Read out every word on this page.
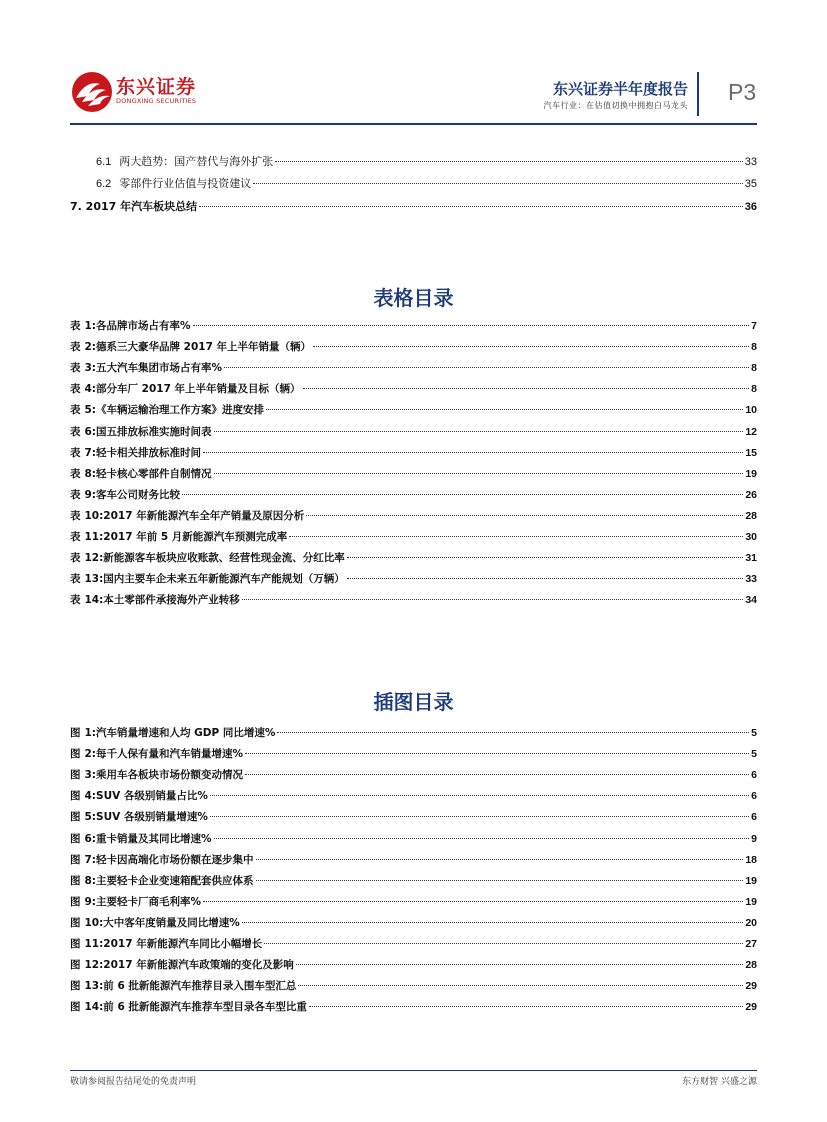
东兴证券
DONGXING SECURITIES
东兴证券半年度报告
汽车行业：在估值切换中拥抱白马龙头
P3
6.1 两大趋势：国产替代与海外扩张	33
6.2 零部件行业估值与投资建议	35
7. 2017 年汽车板块总结	36
表格目录
表 1:各品牌市场占有率%	7
表 2:德系三大豪华品牌 2017 年上半年销量（辆）	8
表 3:五大汽车集团市场占有率%	8
表 4:部分车厂 2017 年上半年销量及目标（辆）	8
表 5:《车辆运输治理工作方案》进度安排	10
表 6:国五排放标准实施时间表	12
表 7:轻卡相关排放标准时间	15
表 8:轻卡核心零部件自制情况	19
表 9:客车公司财务比较	26
表 10:2017 年新能源汽车全年产销量及原因分析	28
表 11:2017 年前 5 月新能源汽车预测完成率	30
表 12:新能源客车板块应收账款、经营性现金流、分红比率	31
表 13:国内主要车企未来五年新能源汽车产能规划（万辆）	33
表 14:本土零部件承接海外产业转移	34
插图目录
图 1:汽车销量增速和人均 GDP 同比增速%	5
图 2:每千人保有量和汽车销量增速%	5
图 3:乘用车各板块市场份额变动情况	6
图 4:SUV 各级别销量占比%	6
图 5:SUV 各级别销量增速%	6
图 6:重卡销量及其同比增速%	9
图 7:轻卡因高端化市场份额在逐步集中	18
图 8:主要轻卡企业变速箱配套供应体系	19
图 9:主要轻卡厂商毛利率%	19
图 10:大中客年度销量及同比增速%	20
图 11:2017 年新能源汽车同比小幅增长	27
图 12:2017 年新能源汽车政策端的变化及影响	28
图 13:前 6 批新能源汽车推荐目录入围车型汇总	29
图 14:前 6 批新能源汽车推荐车型目录各车型比重	29
敬请参阅报告结尾处的免责声明	东方财智 兴盛之源
